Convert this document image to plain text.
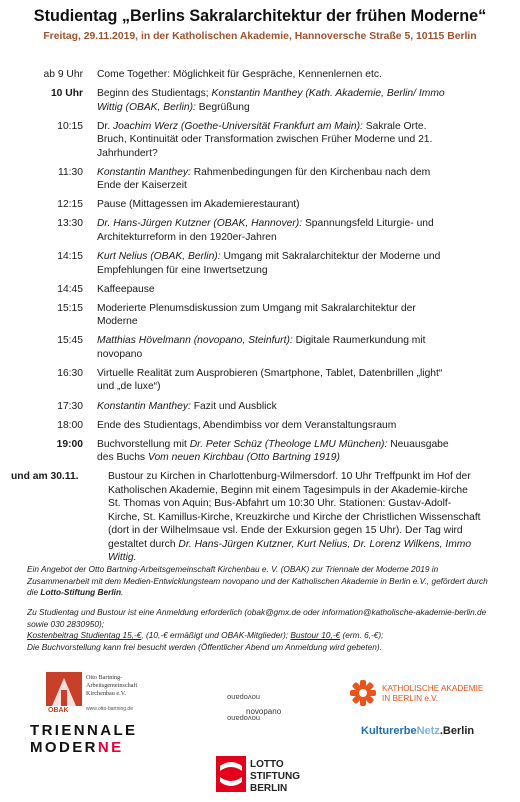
Studientag „Berlins Sakralarchitektur der frühen Moderne“
Freitag, 29.11.2019, in der Katholischen Akademie, Hannoversche Straße 5, 10115 Berlin
ab 9 Uhr	Come Together: Möglichkeit für Gespräche, Kennenlernen etc.
10 Uhr	Beginn des Studientags; Konstantin Manthey (Kath. Akademie, Berlin/ Immo Wittig (OBAK, Berlin): Begrüßung
10:15	Dr. Joachim Werz (Goethe-Universität Frankfurt am Main): Sakrale Orte. Bruch, Kontinuität oder Transformation zwischen Früher Moderne und 21. Jahrhundert?
11:30	Konstantin Manthey: Rahmenbedingungen für den Kirchenbau nach dem Ende der Kaiserzeit
12:15	Pause (Mittagessen im Akademierestaurant)
13:30	Dr. Hans-Jürgen Kutzner (OBAK, Hannover): Spannungsfeld Liturgie- und Architekturreform in den 1920er-Jahren
14:15	Kurt Nelius (OBAK, Berlin): Umgang mit Sakralarchitektur der Moderne und Empfehlungen für eine Inwertsetzung
14:45	Kaffeepause
15:15	Moderierte Plenumsdiskussion zum Umgang mit Sakralarchitektur der Moderne
15:45	Matthias Hövelmann (novopano, Steinfurt): Digitale Raumerkundung mit novopano
16:30	Virtuelle Realität zum Ausprobieren (Smartphone, Tablet, Datenbrillen „light“ und „de luxe“)
17:30	Konstantin Manthey: Fazit und Ausblick
18:00	Ende des Studientags, Abendimbiss vor dem Veranstaltungsraum
19:00	Buchvorstellung mit Dr. Peter Schüz (Theologe LMU München): Neuausgabe des Buchs Vom neuen Kirchbau (Otto Bartning 1919)
und am 30.11.	Bustour zu Kirchen in Charlottenburg-Wilmersdorf. 10 Uhr Treffpunkt im Hof der Katholischen Akademie, Beginn mit einem Tagesimpuls in der Akademie-kirche St. Thomas von Aquin; Bus-Abfahrt um 10:30 Uhr. Stationen: Gustav-Adolf-Kirche, St. Kamillus-Kirche, Kreuzkirche und Kirche der Christlichen Wissenschaft (dort in der Wilhelmsaue vsl. Ende der Exkursion gegen 15 Uhr). Der Tag wird gestaltet durch Dr. Hans-Jürgen Kutzner, Kurt Nelius, Dr. Lorenz Wilkens, Immo Wittig.
Ein Angebot der Otto Bartning-Arbeitsgemeinschaft Kirchenbau e. V. (OBAK) zur Triennale der Moderne 2019 in Zusammenarbeit mit dem Medien-Entwicklungsteam novopano und der Katholischen Akademie in Berlin e.V., gefördert durch die Lotto-Stiftung Berlin.
Zu Studientag und Bustour ist eine Anmeldung erforderlich (obak@gmx.de oder information@katholische-akademie-berlin.de sowie 030 2830950);
Kostenbeitrag Studientag 15,-€, (10,-€ ermäßigt und OBAK-Mitglieder); Bustour 10,-€ (erm. 6,-€);
Die Buchvorstellung kann frei besucht werden (Öffentlicher Abend um Anmeldung wird gebeten).
Otto Bartning-
Arbeitsgemeinschaft
Kirchenbau e.V.
OBAK	www.otto-bartning.de
TRIENNALE
MODERNE
novopano
novopano
novopano
KATHOLISCHE AKADEMIE
IN BERLIN e.V.
KulturerbeNetz.Berlin
LOTTO
STIFTUNG
BERLIN
